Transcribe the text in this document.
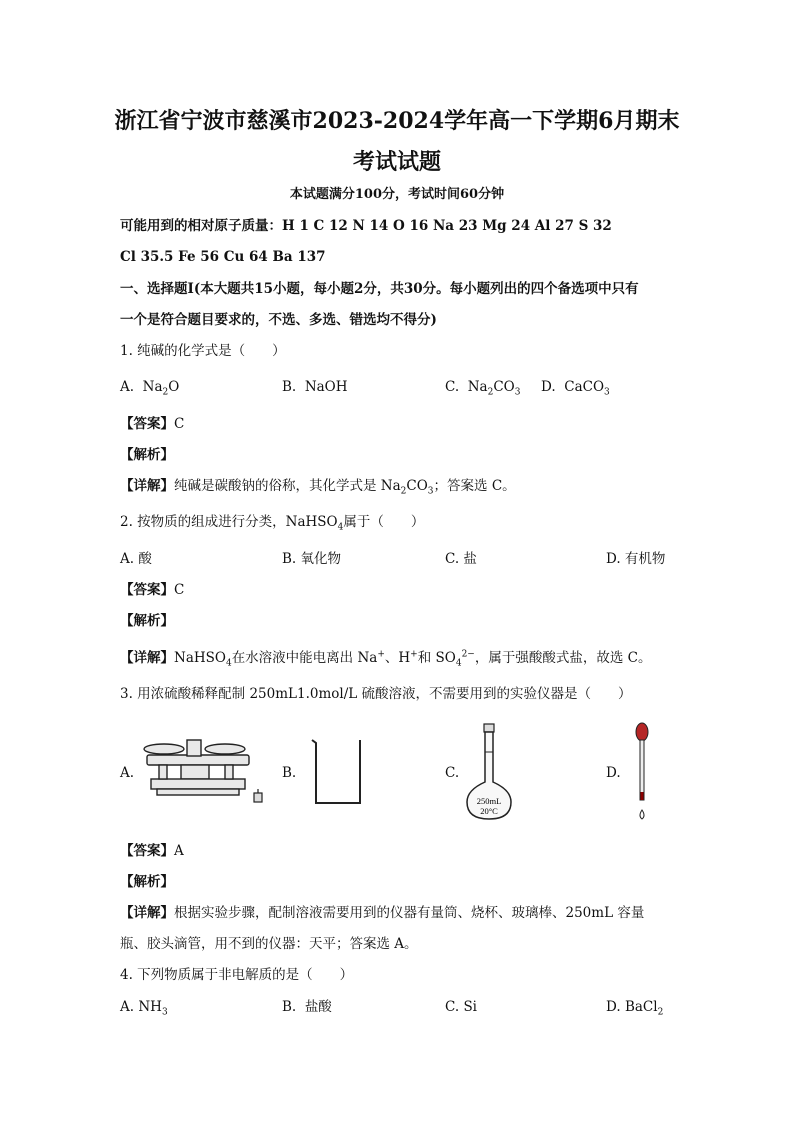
浙江省宁波市慈溪市2023-2024学年高一下学期6月期末
考试试题
本试题满分100分，考试时间60分钟
可能用到的相对原子质量：H 1 C 12 N 14 O 16 Na 23 Mg 24 Al 27 S 32
Cl 35.5 Fe 56 Cu 64 Ba 137
一、选择题Ⅰ(本大题共15小题，每小题2分，共30分。每小题列出的四个备选项中只有
一个是符合题目要求的，不选、多选、错选均不得分)
1. 纯碱的化学式是（　　）
A. $Na_2O$	B. NaOH	C. $Na_2CO_3$ D. CaCO$_3$
【答案】C
【解析】
【详解】纯碱是碳酸钠的俗称，其化学式是 $Na_2CO_3$；答案选 C。
2. 按物质的组成进行分类，NaHSO$_4$属于（　　）
A. 酸	B. 氧化物	C. 盐	D. 有机物
【答案】C
【解析】
【详解】NaHSO$_4$在水溶液中能电离出 Na+、H+和 $SO_4^{2-}$，属于强酸酸式盐，故选 C。
3. 用浓硫酸稀释配制 250mL1.0mol/L 硫酸溶液，不需要用到的实验仪器是（　　）
A.	B.	C.
250mL
20°C
D.
【答案】A
【解析】
【详解】根据实验步骤，配制溶液需要用到的仪器有量筒、烧杯、玻璃棒、250mL 容量
瓶、胶头滴管，用不到的仪器：天平；答案选 A。
4. 下列物质属于非电解质的是（　　）
A. $NH_3$	B. 盐酸	C. Si	D. BaCl$_2$
